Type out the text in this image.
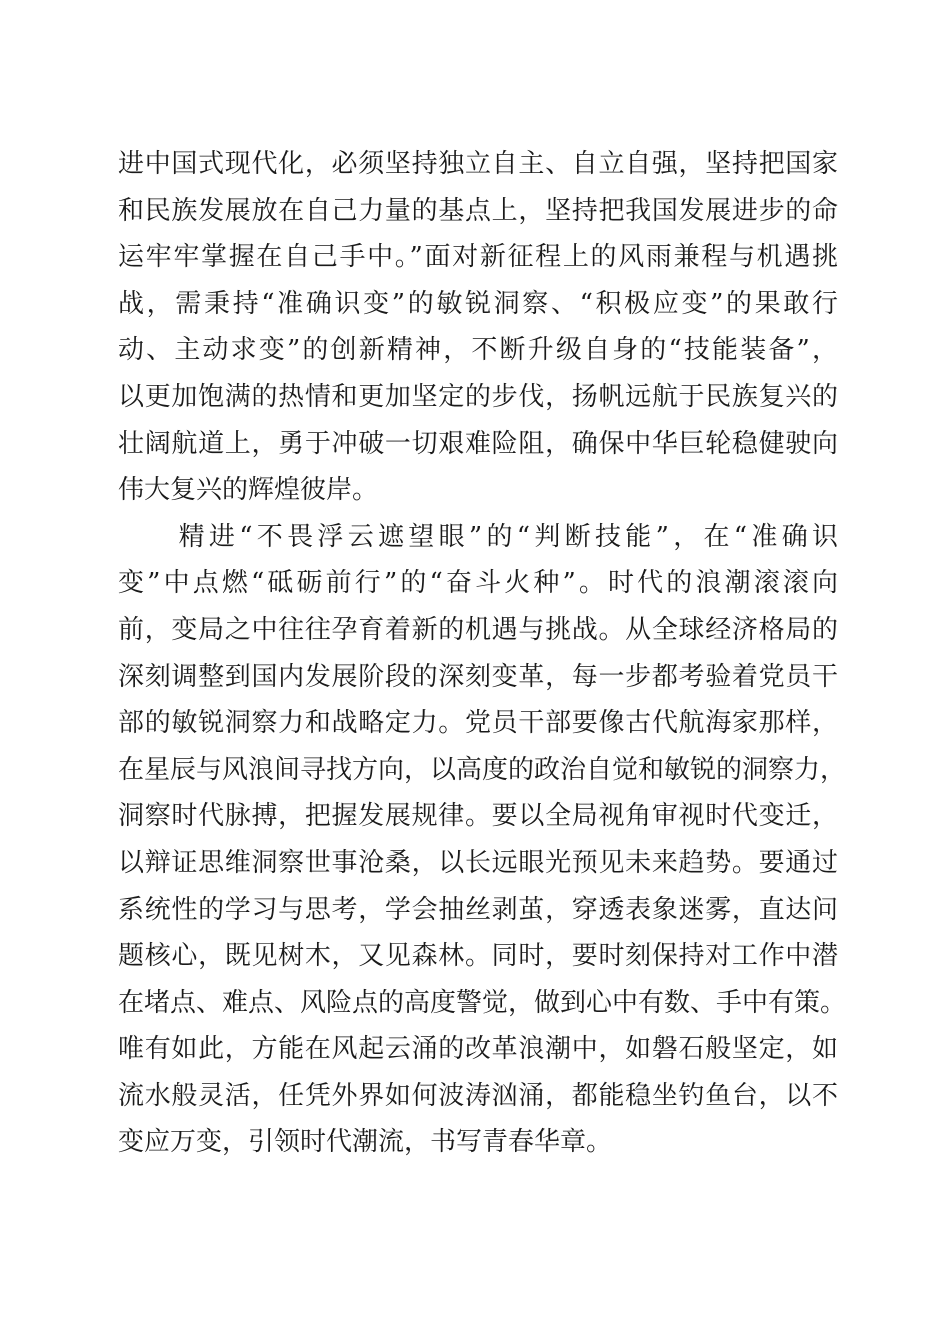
进中国式现代化，必须坚持独立自主、自立自强，坚持把国家
和民族发展放在自己力量的基点上，坚持把我国发展进步的命
运牢牢掌握在自己手中。”面对新征程上的风雨兼程与机遇挑
战，需秉持“准确识变”的敏锐洞察、“积极应变”的果敢行
动、主动求变”的创新精神，不断升级自身的“技能装备”，
以更加饱满的热情和更加坚定的步伐，扬帆远航于民族复兴的
壮阔航道上，勇于冲破一切艰难险阻，确保中华巨轮稳健驶向
伟大复兴的辉煌彼岸。
　　精进“不畏浮云遮望眼”的“判断技能”，在“准确识
变”中点燃“砥砺前行”的“奋斗火种”。时代的浪潮滚滚向
前，变局之中往往孕育着新的机遇与挑战。从全球经济格局的
深刻调整到国内发展阶段的深刻变革，每一步都考验着党员干
部的敏锐洞察力和战略定力。党员干部要像古代航海家那样，
在星辰与风浪间寻找方向，以高度的政治自觉和敏锐的洞察力，
洞察时代脉搏，把握发展规律。要以全局视角审视时代变迁，
以辩证思维洞察世事沧桑，以长远眼光预见未来趋势。要通过
系统性的学习与思考，学会抽丝剥茧，穿透表象迷雾，直达问
题核心，既见树木，又见森林。同时，要时刻保持对工作中潜
在堵点、难点、风险点的高度警觉，做到心中有数、手中有策。
唯有如此，方能在风起云涌的改革浪潮中，如磐石般坚定，如
流水般灵活，任凭外界如何波涛汹涌，都能稳坐钓鱼台，以不
变应万变，引领时代潮流，书写青春华章。
